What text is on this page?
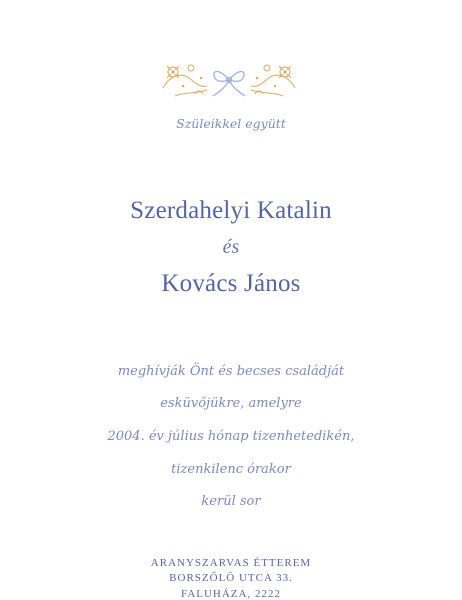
Szüleikkel együtt
Szerdahelyi Katalin
és
Kovács János
meghívják Önt és becses családját
esküvőjükre, amelyre
2004. év július hónap tizenhetedikén,
tizenkilenc órakor
kerül sor
ARANYSZARVAS ÉTTEREM
BORSZŐLŐ UTCA 33.
FALUHÁZA, 2222
